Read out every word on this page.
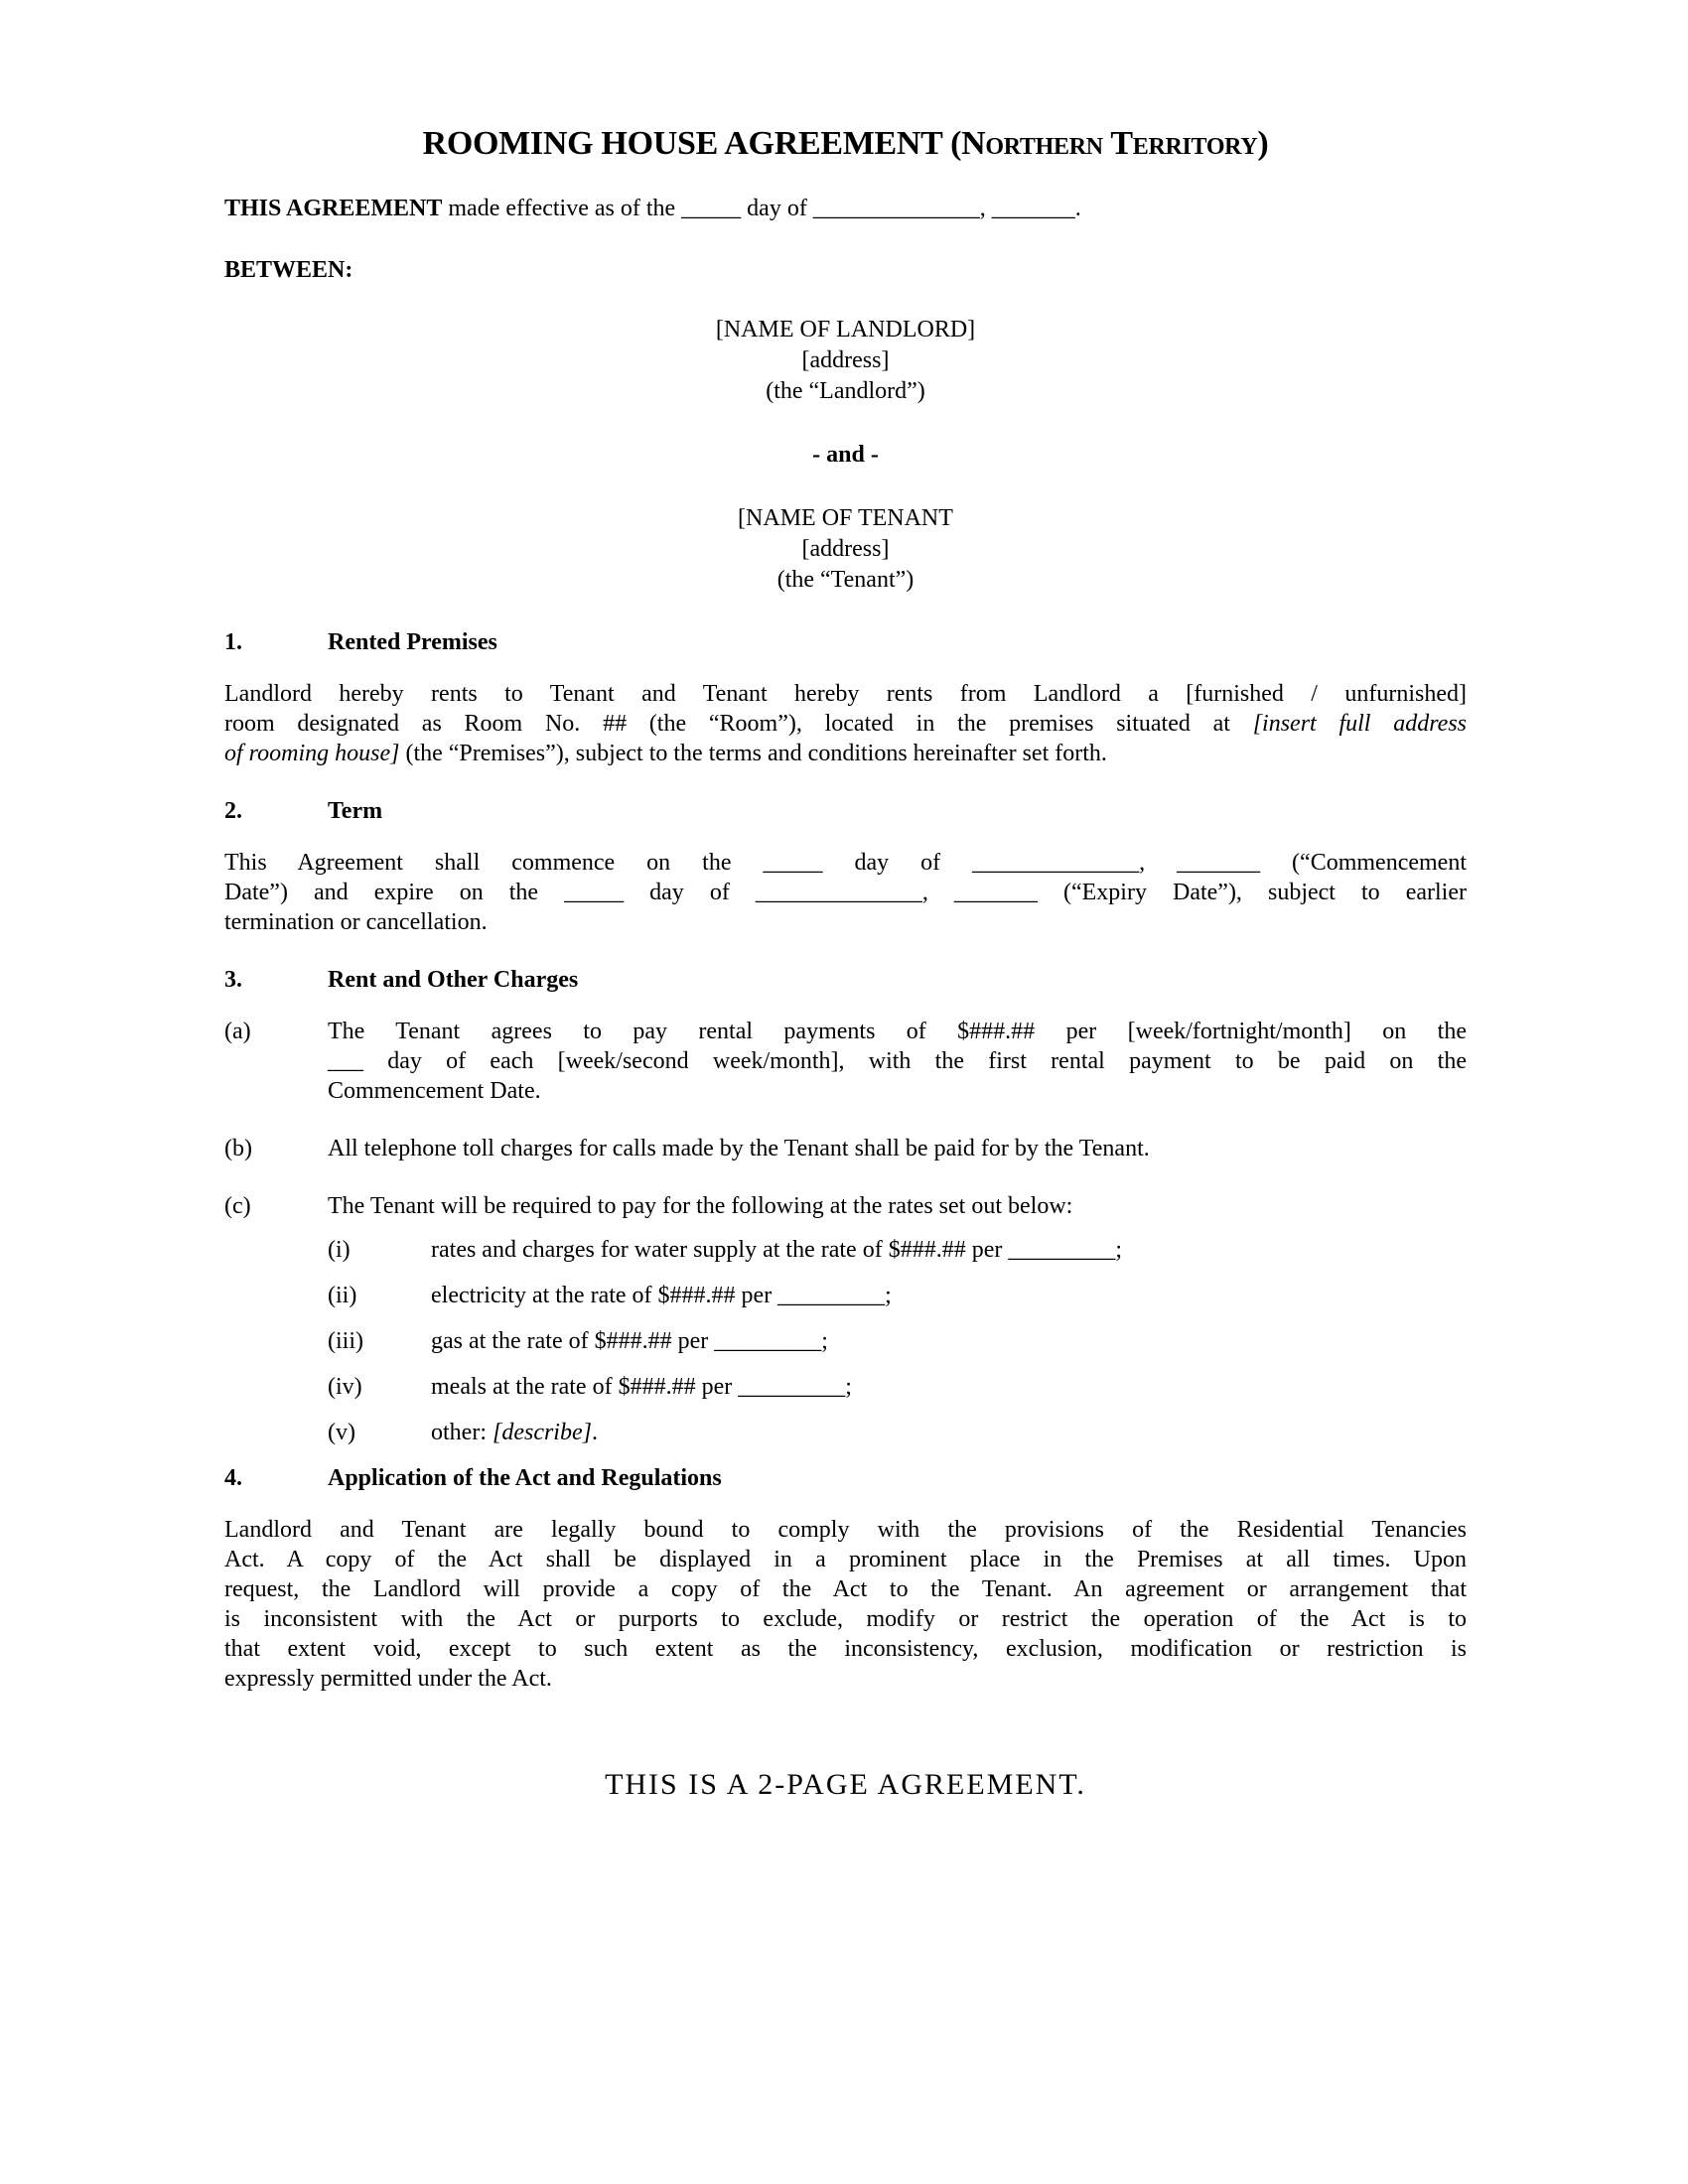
ROOMING HOUSE AGREEMENT (Northern Territory)

THIS AGREEMENT made effective as of the _____ day of ______________, _______.

BETWEEN:

[NAME OF LANDLORD]
[address]
(the “Landlord”)
- and -
[NAME OF TENANT
[address]
(the “Tenant”)
1.	Rented Premises
Landlord hereby rents to Tenant and Tenant hereby rents from Landlord a [furnished / unfurnished]
room designated as Room No. ## (the “Room”), located in the premises situated at [insert full address
of rooming house] (the “Premises”), subject to the terms and conditions hereinafter set forth.
2.	Term
This Agreement shall commence on the _____ day of ______________, _______ (“Commencement
Date”) and expire on the _____ day of ______________, _______ (“Expiry Date”), subject to earlier
termination or cancellation.
3.	Rent and Other Charges
(a)	The Tenant agrees to pay rental payments of $###.## per [week/fortnight/month] on the
___ day of each [week/second week/month], with the first rental payment to be paid on the
Commencement Date.
(b)	All telephone toll charges for calls made by the Tenant shall be paid for by the Tenant.
(c)	The Tenant will be required to pay for the following at the rates set out below:
(i)	rates and charges for water supply at the rate of $###.## per _________;
(ii)	electricity at the rate of $###.## per _________;
(iii)	gas at the rate of $###.## per _________;
(iv)	meals at the rate of $###.## per _________;
(v)	other: [describe].
4.	Application of the Act and Regulations
Landlord and Tenant are legally bound to comply with the provisions of the Residential Tenancies
Act. A copy of the Act shall be displayed in a prominent place in the Premises at all times. Upon
request, the Landlord will provide a copy of the Act to the Tenant. An agreement or arrangement that
is inconsistent with the Act or purports to exclude, modify or restrict the operation of the Act is to
that extent void, except to such extent as the inconsistency, exclusion, modification or restriction is
expressly permitted under the Act.

THIS IS A 2-PAGE AGREEMENT.
